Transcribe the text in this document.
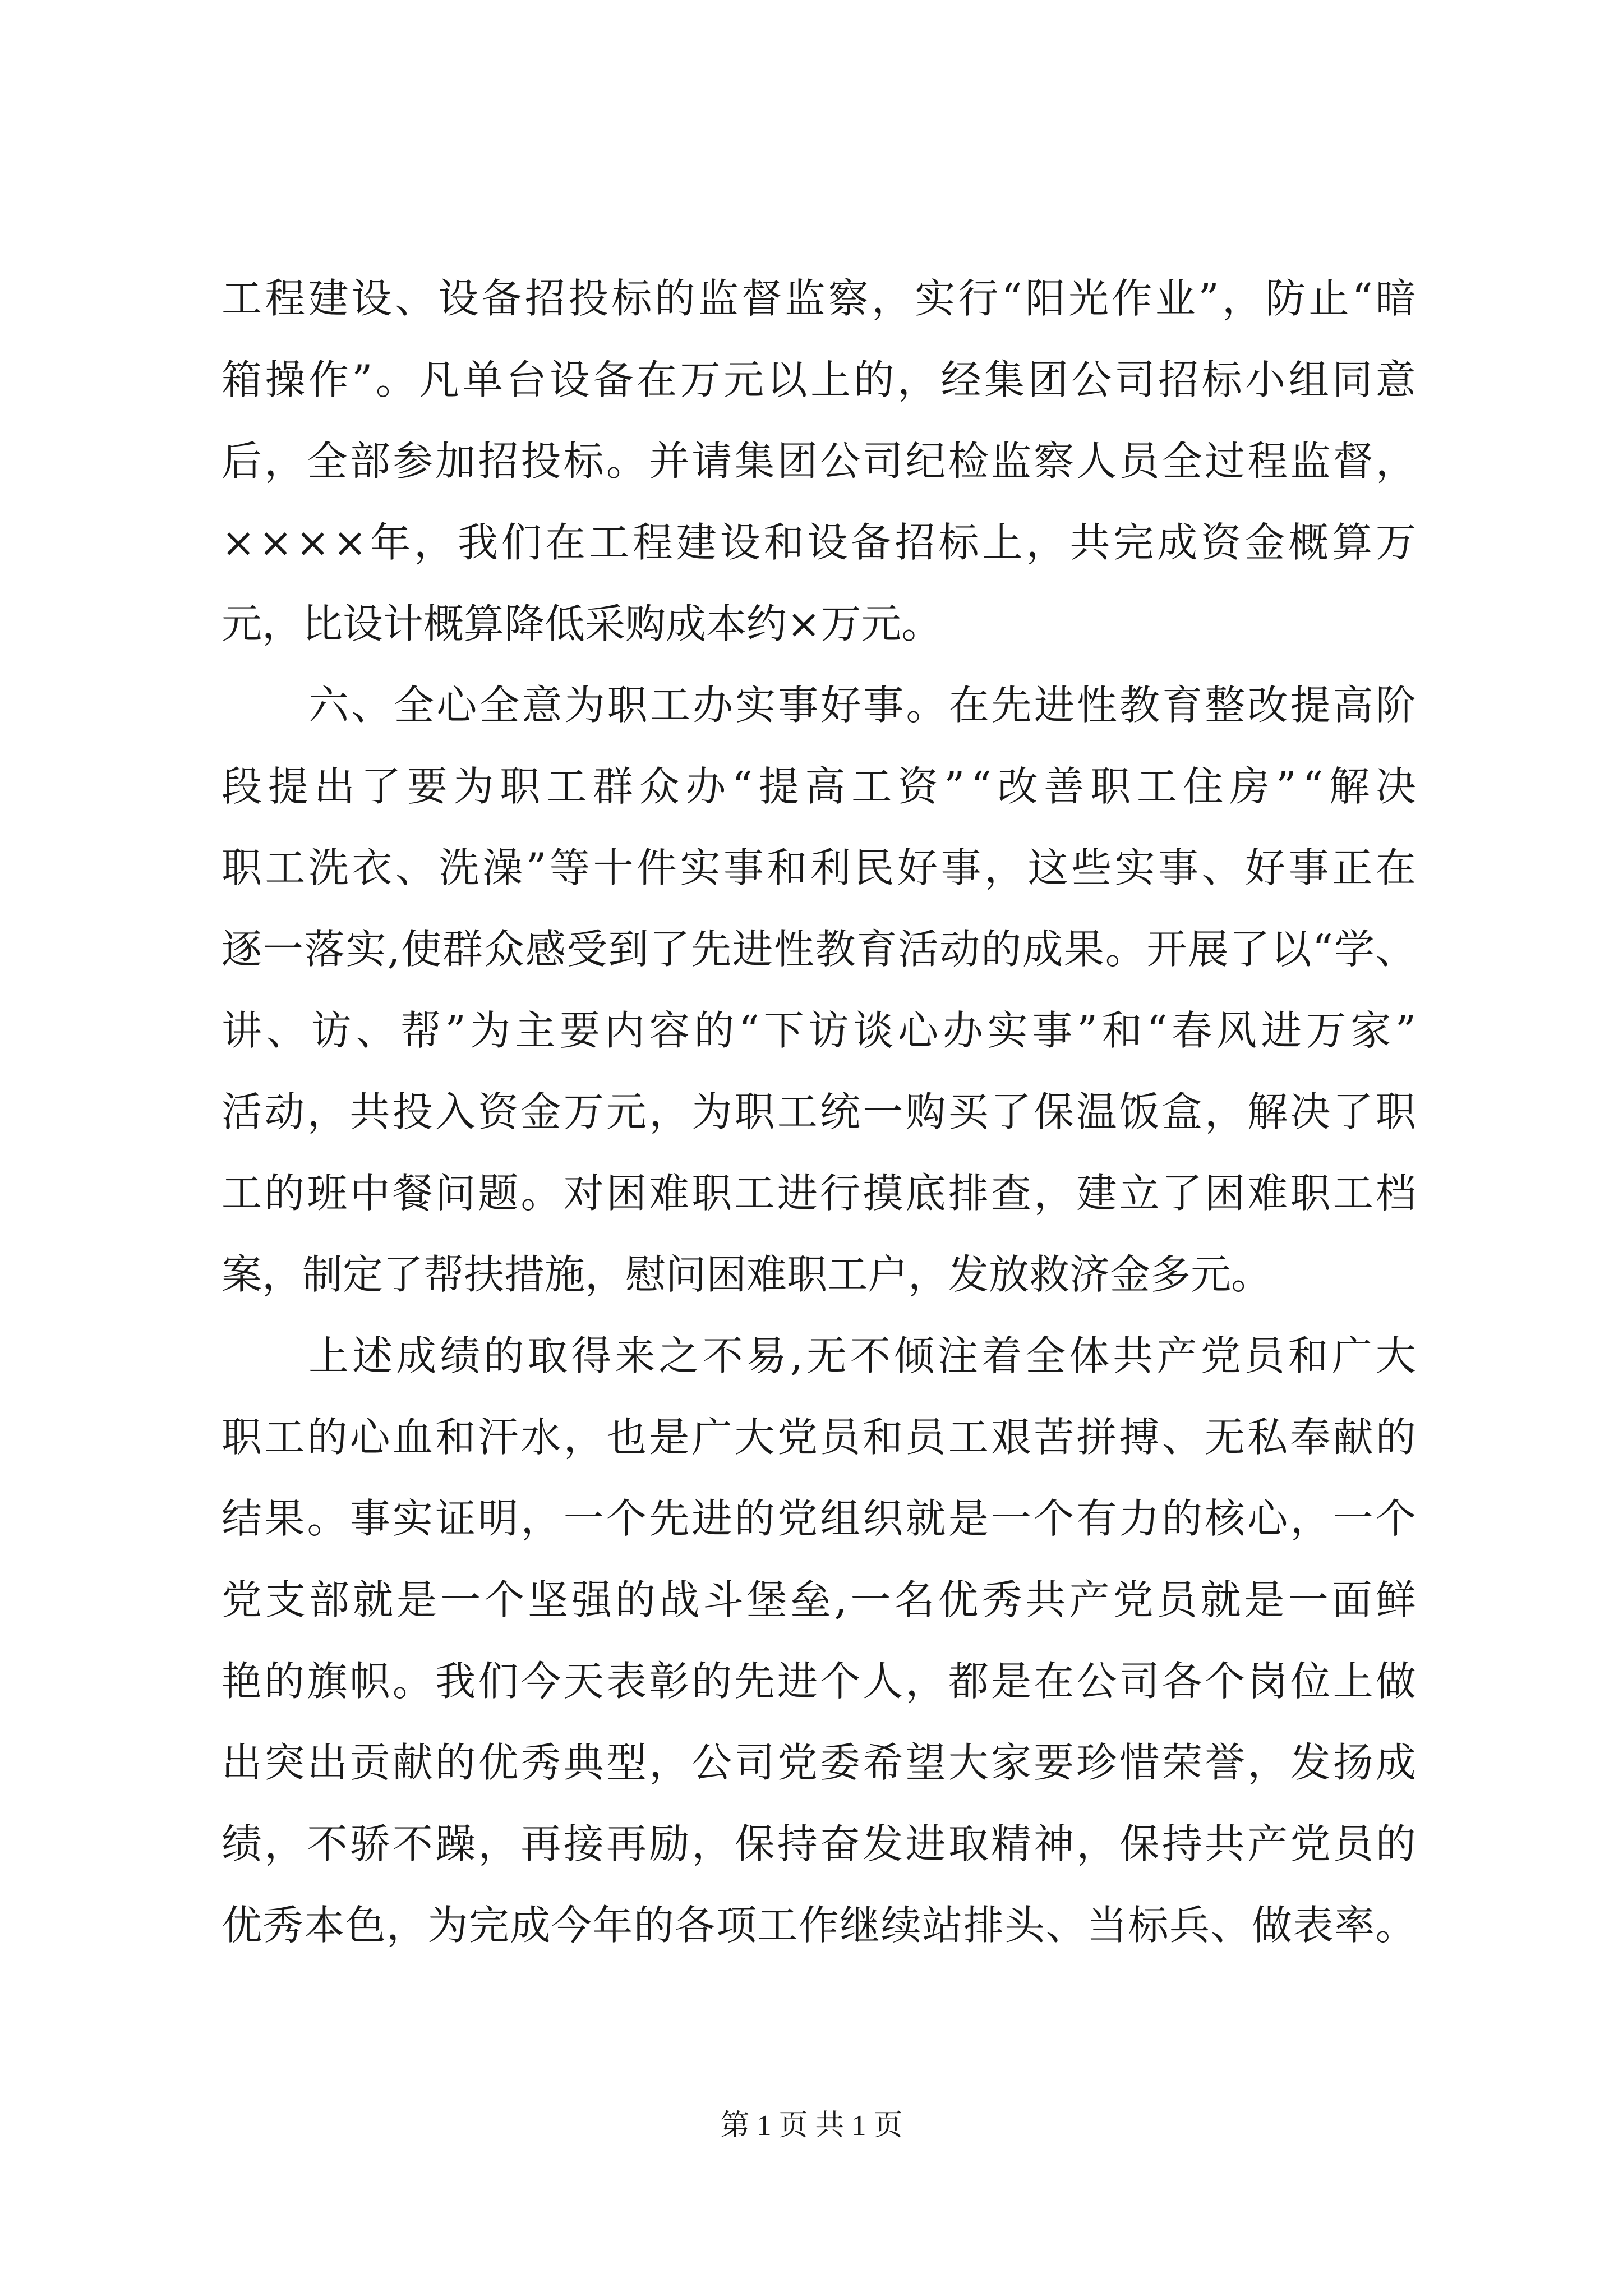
工 程 建 设 、 设 备 招 投 标 的 监 督 监 察 ， 实 行 “ 阳 光 作 业 ” ， 防 止 “ 暗
箱 操 作 ” 。 凡 单 台 设 备 在 万 元 以 上 的 ， 经 集 团 公 司 招 标 小 组 同 意
后 ， 全 部 参 加 招 投 标 。 并 请 集 团 公 司 纪 检 监 察 人 员 全 过 程 监 督 ，
× × × × 年 ， 我 们 在 工 程 建 设 和 设 备 招 标 上 ， 共 完 成 资 金 概 算 万
元，比设计概算降低采购成本约×万元。
六 、 全 心 全 意 为 职 工 办 实 事 好 事 。 在 先 进 性 教 育 整 改 提 高 阶
段 提 出 了 要 为 职 工 群 众 办 “ 提 高 工 资 ” “ 改 善 职 工 住 房 ” “ 解 决
职 工 洗 衣 、 洗 澡 ” 等 十 件 实 事 和 利 民 好 事 ， 这 些 实 事 、 好 事 正 在
逐 一 落 实 , 使 群 众 感 受 到 了 先 进 性 教 育 活 动 的 成 果 。 开 展 了 以 “ 学 、
讲 、 访 、 帮 ” 为 主 要 内 容 的 “ 下 访 谈 心 办 实 事 ” 和 “ 春 风 进 万 家 ”
活 动 ， 共 投 入 资 金 万 元 ， 为 职 工 统 一 购 买 了 保 温 饭 盒 ， 解 决 了 职
工 的 班 中 餐 问 题 。 对 困 难 职 工 进 行 摸 底 排 查 ， 建 立 了 困 难 职 工 档
案，制定了帮扶措施，慰问困难职工户，发放救济金多元。
上 述 成 绩 的 取 得 来 之 不 易 , 无 不 倾 注 着 全 体 共 产 党 员 和 广 大
职 工 的 心 血 和 汗 水 ， 也 是 广 大 党 员 和 员 工 艰 苦 拼 搏 、 无 私 奉 献 的
结 果 。 事 实 证 明 ， 一 个 先 进 的 党 组 织 就 是 一 个 有 力 的 核 心 ， 一 个
党 支 部 就 是 一 个 坚 强 的 战 斗 堡 垒 , 一 名 优 秀 共 产 党 员 就 是 一 面 鲜
艳 的 旗 帜 。 我 们 今 天 表 彰 的 先 进 个 人 ， 都 是 在 公 司 各 个 岗 位 上 做
出 突 出 贡 献 的 优 秀 典 型 ， 公 司 党 委 希 望 大 家 要 珍 惜 荣 誉 ， 发 扬 成
绩 ， 不 骄 不 躁 ， 再 接 再 励 ， 保 持 奋 发 进 取 精 神 ， 保 持 共 产 党 员 的
优 秀 本 色 ， 为 完 成 今 年 的 各 项 工 作 继 续 站 排 头 、 当 标 兵 、 做 表 率 。
第 1 页 共 1 页
